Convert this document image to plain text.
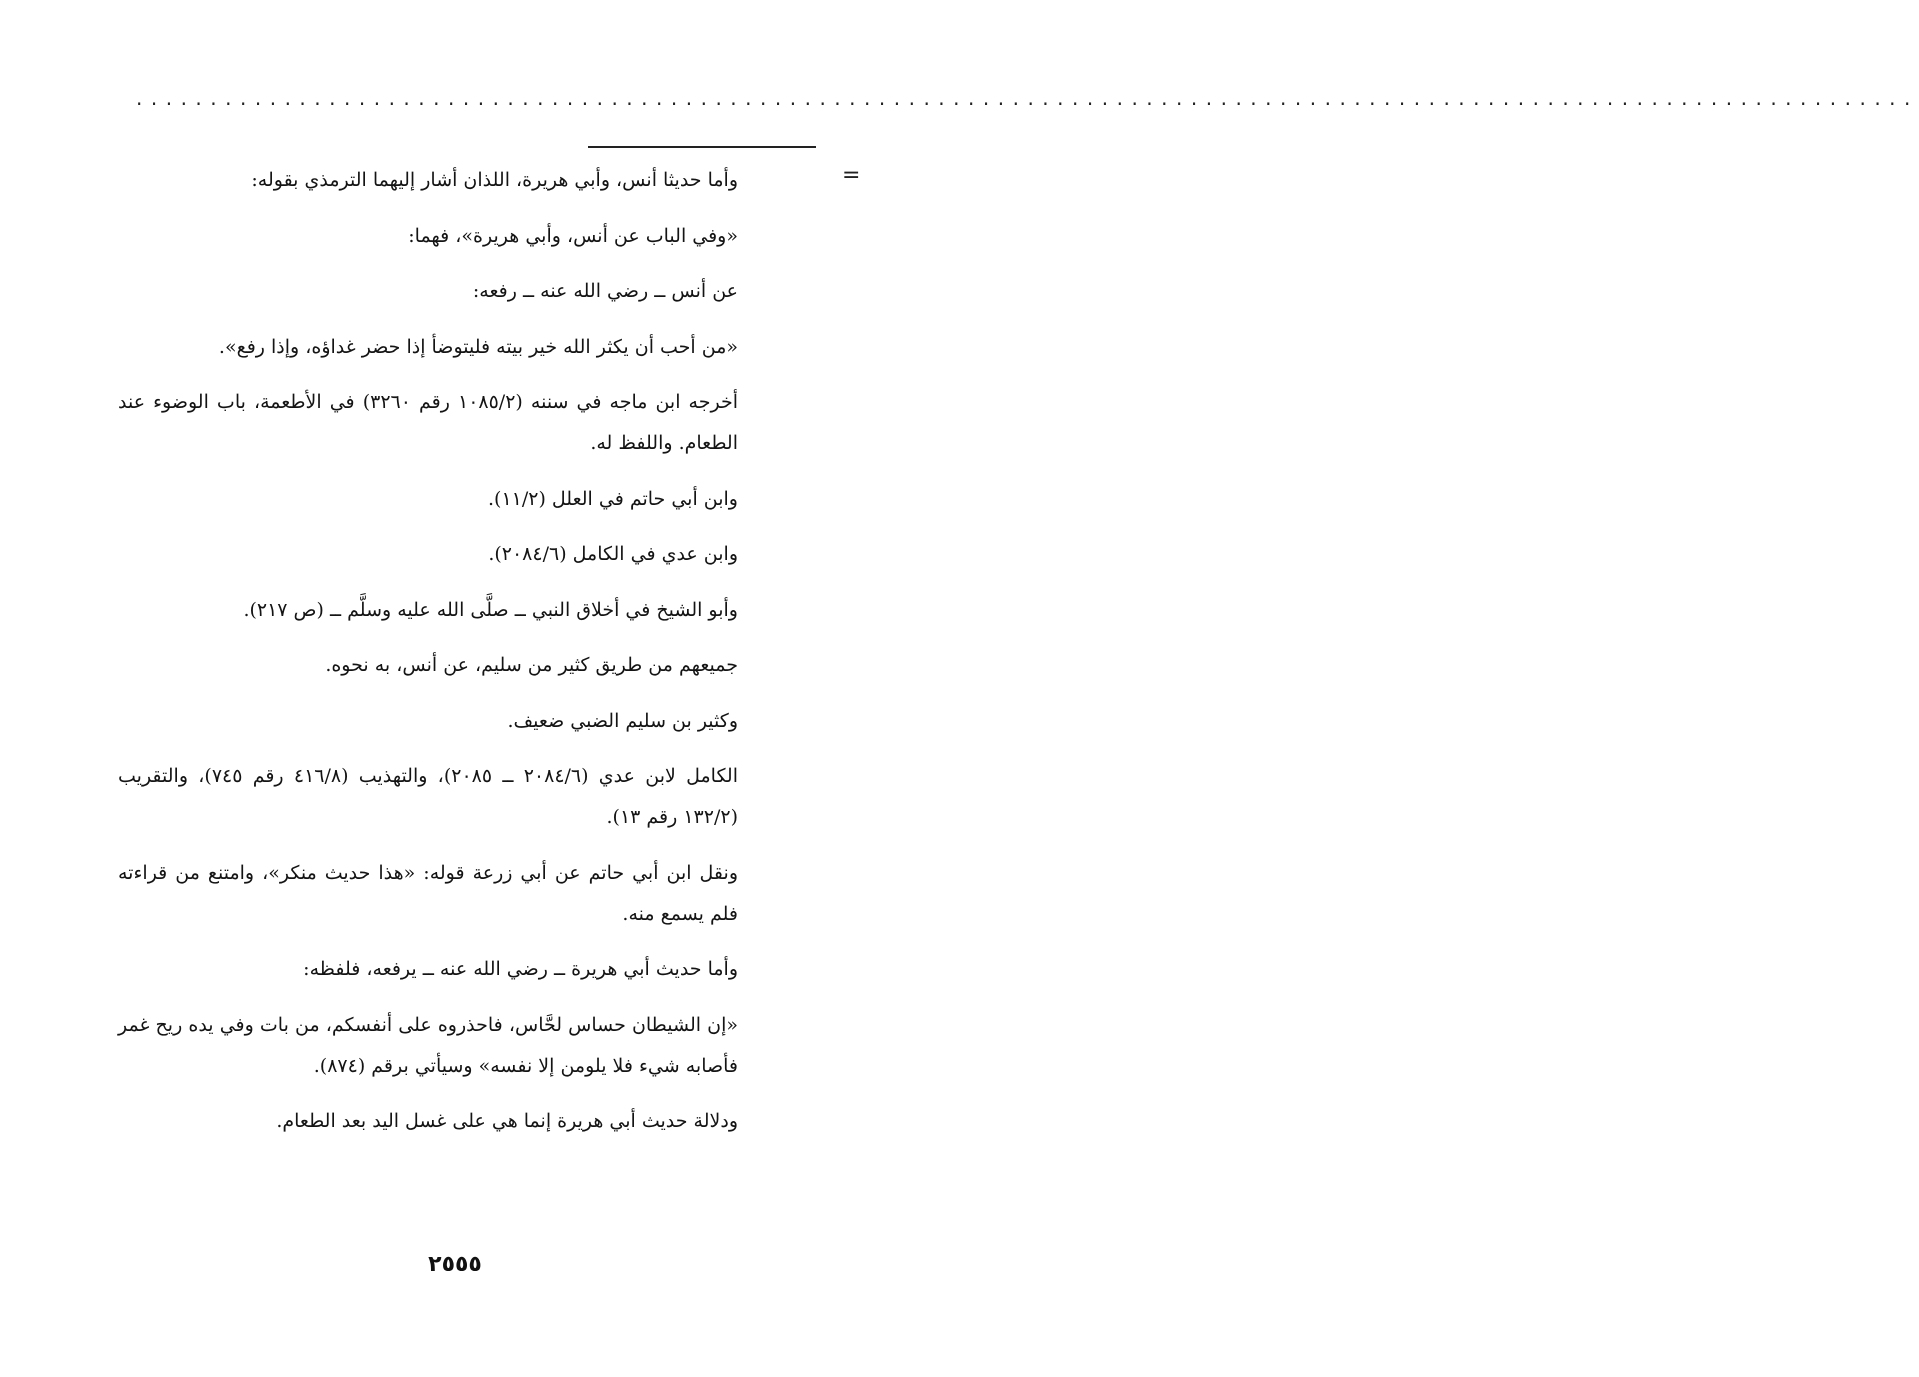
........................................................................................................................
=

وأما حديثا أنس، وأبي هريرة، اللذان أشار إليهما الترمذي بقوله:

«وفي الباب عن أنس، وأبي هريرة»، فهما:

عن أنس ــ رضي الله عنه ــ رفعه:

«من أحب أن يكثر الله خير بيته فليتوضأ إذا حضر غداؤه، وإذا رفع».

أخرجه ابن ماجه في سننه (١٠٨٥/٢ رقم ٣٢٦٠) في الأطعمة، باب الوضوء عند الطعام. واللفظ له.

وابن أبي حاتم في العلل (١١/٢).

وابن عدي في الكامل (٢٠٨٤/٦).

وأبو الشيخ في أخلاق النبي ــ صلَّى الله عليه وسلَّم ــ (ص ٢١٧).

جميعهم من طريق كثير من سليم، عن أنس، به نحوه.

وكثير بن سليم الضبي ضعيف.

الكامل لابن عدي (٢٠٨٤/٦ ــ ٢٠٨٥)، والتهذيب (٤١٦/٨ رقم ٧٤٥)، والتقريب (١٣٢/٢ رقم ١٣).

ونقل ابن أبي حاتم عن أبي زرعة قوله: «هذا حديث منكر»، وامتنع من قراءته فلم يسمع منه.

وأما حديث أبي هريرة ــ رضي الله عنه ــ يرفعه، فلفظه:

«إن الشيطان حساس لحَّاس، فاحذروه على أنفسكم، من بات وفي يده ريح غمر فأصابه شيء فلا يلومن إلا نفسه» وسيأتي برقم (٨٧٤).

ودلالة حديث أبي هريرة إنما هي على غسل اليد بعد الطعام.

٢٥٥٥
